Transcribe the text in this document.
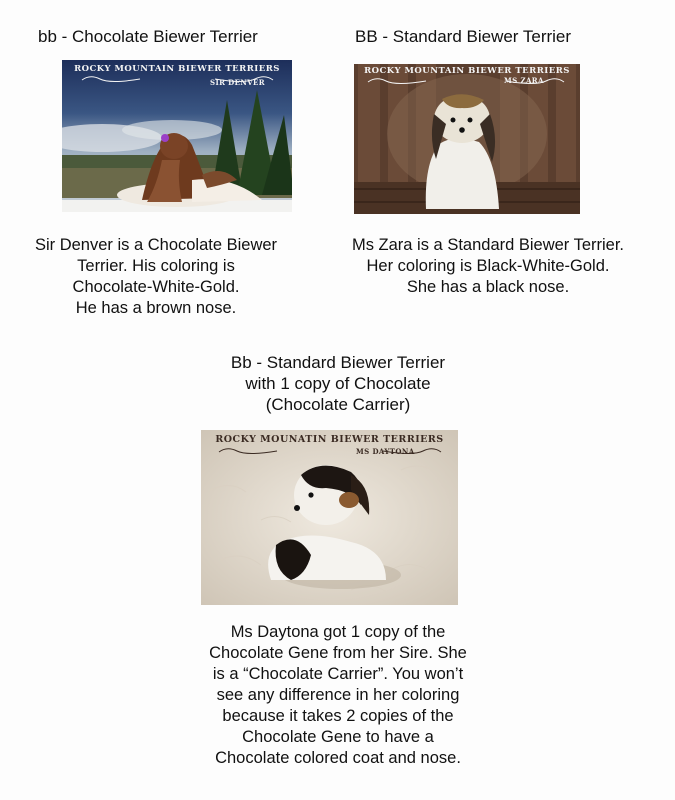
bb - Chocolate Biewer Terrier
ROCKY MOUNTAIN BIEWER TERRIERS
SIR DENVER
Sir Denver is a Chocolate Biewer
Terrier. His coloring is
Chocolate-White-Gold.
He has a brown nose.
BB - Standard Biewer Terrier
ROCKY MOUNTAIN BIEWER TERRIERS
MS ZARA
Ms Zara is a Standard Biewer Terrier.
Her coloring is Black-White-Gold.
She has a black nose.
Bb - Standard Biewer Terrier
with 1 copy of Chocolate
(Chocolate Carrier)
ROCKY MOUNATIN BIEWER TERRIERS
MS DAYTONA
Ms Daytona got 1 copy of the
Chocolate Gene from her Sire. She
is a “Chocolate Carrier”. You won’t
see any difference in her coloring
because it takes 2 copies of the
Chocolate Gene to have a
Chocolate colored coat and nose.
